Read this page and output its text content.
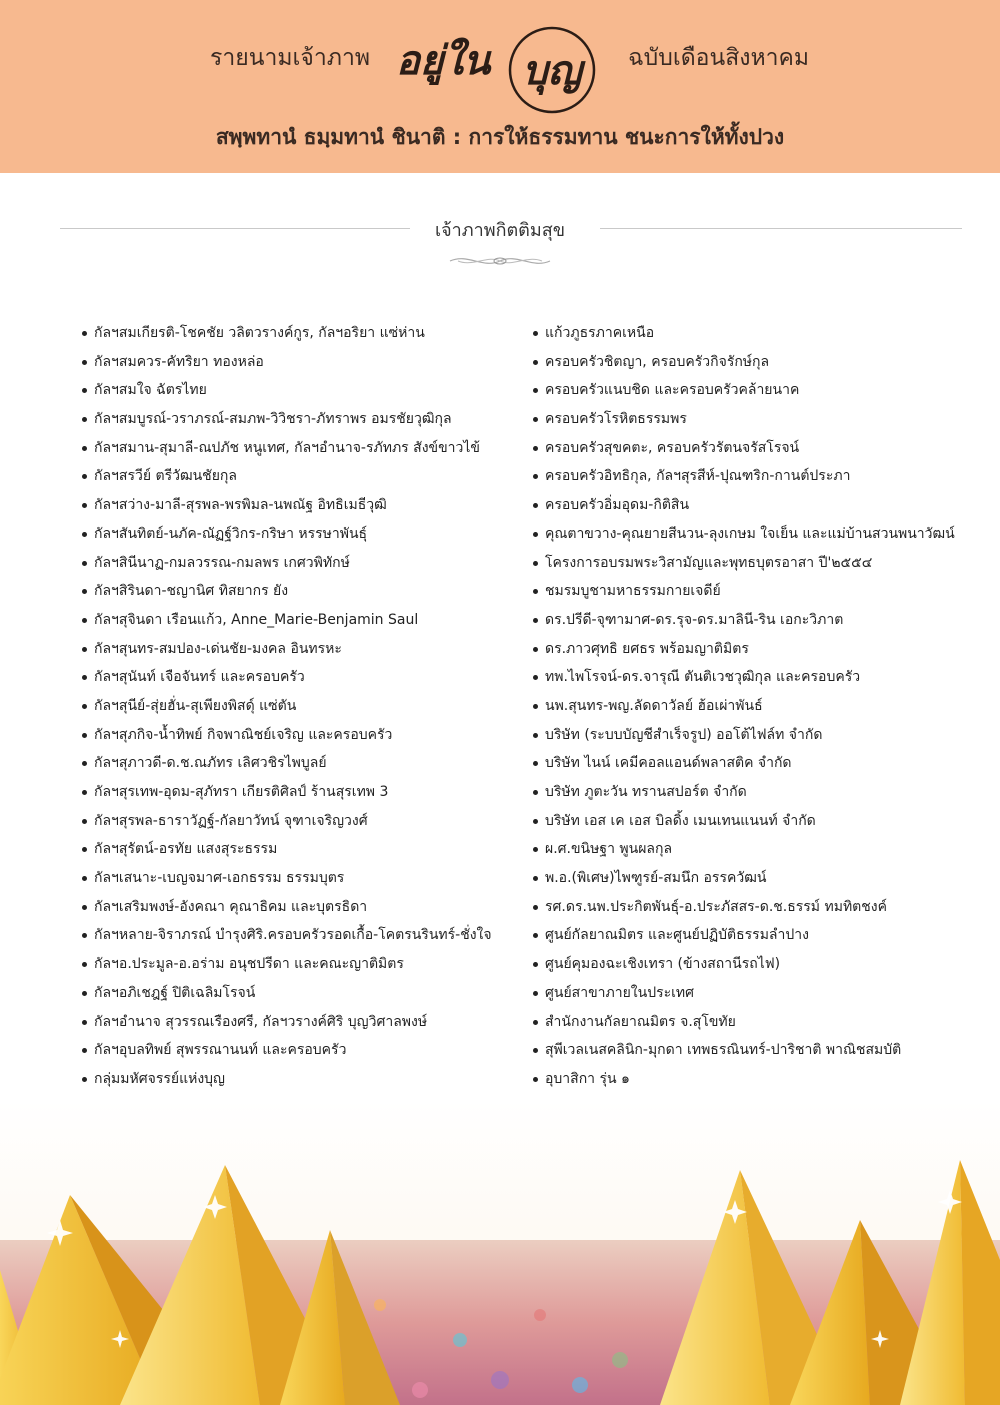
รายนามเจ้าภาพ อยู่ใน บุญ ฉบับเดือนสิงหาคม
สพฺพทานํ ธมฺมทานํ ชินาติ : การให้ธรรมทาน ชนะการให้ทั้งปวง
เจ้าภาพกิตติมสุข
กัลฯสมเกียรติ-โชคชัย วลิตวรางค์กูร, กัลฯอริยา แซ่ห่าน
กัลฯสมควร-คัทริยา ทองหล่อ
กัลฯสมใจ ฉัตรไทย
กัลฯสมบูรณ์-วราภรณ์-สมภพ-วิวิชรา-ภัทราพร อมรชัยวุฒิกุล
กัลฯสมาน-สุมาลี-ณปภัช หนูเทศ, กัลฯอำนาจ-รภัทภร สังข์ขาวไข้
กัลฯสรวีย์ ตรีวัฒนชัยกุล
กัลฯสว่าง-มาลี-สุรพล-พรพิมล-นพณัฐ อิทธิเมธีวุฒิ
กัลฯสันทิตย์-นภัค-ณัฏฐ์วิกร-กริษา หรรษาพันธุ์
กัลฯสินีนาฏ-กมลวรรณ-กมลพร เกศวพิทักษ์
กัลฯสิรินดา-ชญานิศ ทิสยากร ยัง
กัลฯสุจินดา เรือนแก้ว, Anne_Marie-Benjamin Saul
กัลฯสุนทร-สมปอง-เด่นชัย-มงคล อินทรหะ
กัลฯสุนันท์ เจือจันทร์ และครอบครัว
กัลฯสุนีย์-สุ่ยฮั่น-สุเพียงพิสดุ์ แซ่ตัน
กัลฯสุภกิจ-น้ำทิพย์ กิจพาณิชย์เจริญ และครอบครัว
กัลฯสุภาวดี-ด.ช.ณภัทร เลิศวชิรไพบูลย์
กัลฯสุรเทพ-อุดม-สุภัทรา เกียรติศิลป์ ร้านสุรเทพ 3
กัลฯสุรพล-ธาราวัฏฐ์-กัลยาวัทน์ จุฑาเจริญวงศ์
กัลฯสุรัตน์-อรทัย แสงสุระธรรม
กัลฯเสนาะ-เบญจมาศ-เอกธรรม ธรรมบุตร
กัลฯเสริมพงษ์-อังคณา คุณาธิคม และบุตรธิดา
กัลฯหลาย-จิราภรณ์ บำรุงศิริ.ครอบครัวรอดเกื้อ-โคตรนรินทร์-ชั่งใจ
กัลฯอ.ประมูล-อ.อร่าม อนุชปรีดา และคณะญาติมิตร
กัลฯอภิเชฎฐ์ ปิติเฉลิมโรจน์
กัลฯอำนาจ สุวรรณเรืองศรี, กัลฯวรางค์ศิริ บุญวิศาลพงษ์
กัลฯอุบลทิพย์ สุพรรณานนท์ และครอบครัว
กลุ่มมหัศจรรย์แห่งบุญ
แก้วภูธรภาคเหนือ
ครอบครัวชิตญา, ครอบครัวกิจรักษ์กุล
ครอบครัวแนบชิด และครอบครัวคล้ายนาค
ครอบครัวโรหิตธรรมพร
ครอบครัวสุขคตะ, ครอบครัวรัตนจรัสโรจน์
ครอบครัวอิทธิกุล, กัลฯสุรสีห์-ปุณฑริก-กานต์ประภา
ครอบครัวอิ่มอุดม-กิติสิน
คุณตาขวาง-คุณยายสีนวน-ลุงเกษม ใจเย็น และแม่บ้านสวนพนาวัฒน์
โครงการอบรมพระวิสามัญและพุทธบุตรอาสา ปี'๒๕๕๔
ชมรมบูชามหาธรรมกายเจดีย์
ดร.ปรีดี-จุฑามาศ-ดร.รุจ-ดร.มาลินี-ริน เอกะวิภาต
ดร.ภาวศุทธิ ยศธร พร้อมญาติมิตร
ทพ.ไพโรจน์-ดร.จารุณี ตันติเวชวุฒิกุล และครอบครัว
นพ.สุนทร-พญ.ลัดดาวัลย์ ฮ้อเผ่าพันธ์
บริษัท (ระบบบัญชีสำเร็จรูป) ออโต้ไฟล์ท จำกัด
บริษัท ไนน์ เคมีคอลแอนด์พลาสติค จำกัด
บริษัท ภูตะวัน ทรานสปอร์ต จำกัด
บริษัท เอส เค เอส บิลดิ้ง เมนเทนแนนท์ จำกัด
ผ.ศ.ขนิษฐา พูนผลกุล
พ.อ.(พิเศษ)ไพฑูรย์-สมนึก อรรควัฒน์
รศ.ดร.นพ.ประกิตพันธุ์-อ.ประภัสสร-ด.ช.ธรรม์ ทมทิตชงค์
ศูนย์กัลยาณมิตร และศูนย์ปฏิบัติธรรมลำปาง
ศูนย์คุมองฉะเชิงเทรา (ข้างสถานีรถไฟ)
ศูนย์สาขาภายในประเทศ
สำนักงานกัลยาณมิตร จ.สุโขทัย
สุพีเวลเนสคลินิก-มุกดา เทพธรณินทร์-ปาริชาติ พาณิชสมบัติ
อุบาสิกา รุ่น ๑
